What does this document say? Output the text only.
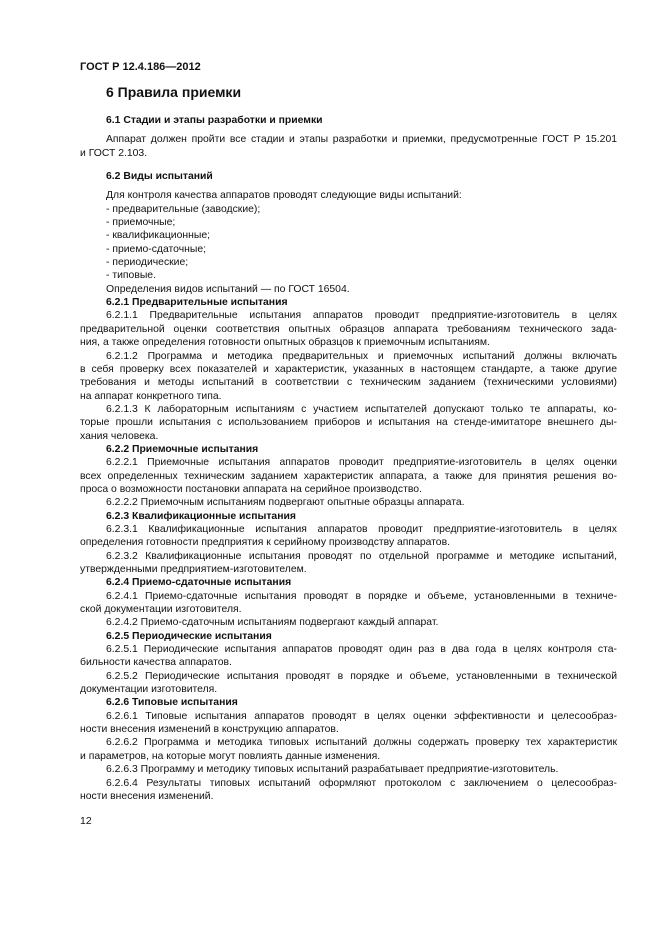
ГОСТ Р 12.4.186—2012
6 Правила приемки
6.1 Стадии и этапы разработки и приемки
Аппарат должен пройти все стадии и этапы разработки и приемки, предусмотренные ГОСТ Р 15.201
и ГОСТ 2.103.
6.2 Виды испытаний
Для контроля качества аппаратов проводят следующие виды испытаний:
- предварительные (заводские);
- приемочные;
- квалификационные;
- приемо-сдаточные;
- периодические;
- типовые.
Определения видов испытаний — по ГОСТ 16504.
6.2.1 Предварительные испытания
6.2.1.1 Предварительные испытания аппаратов проводит предприятие-изготовитель в целях
предварительной оценки соответствия опытных образцов аппарата требованиям технического зада-
ния, а также определения готовности опытных образцов к приемочным испытаниям.
6.2.1.2 Программа и методика предварительных и приемочных испытаний должны включать
в себя проверку всех показателей и характеристик, указанных в настоящем стандарте, а также другие
требования и методы испытаний в соответствии с техническим заданием (техническими условиями)
на аппарат конкретного типа.
6.2.1.3 К лабораторным испытаниям с участием испытателей допускают только те аппараты, ко-
торые прошли испытания с использованием приборов и испытания на стенде-имитаторе внешнего ды-
хания человека.
6.2.2 Приемочные испытания
6.2.2.1 Приемочные испытания аппаратов проводит предприятие-изготовитель в целях оценки
всех определенных техническим заданием характеристик аппарата, а также для принятия решения во-
проса о возможности постановки аппарата на серийное производство.
6.2.2.2 Приемочным испытаниям подвергают опытные образцы аппарата.
6.2.3 Квалификационные испытания
6.2.3.1 Квалификационные испытания аппаратов проводит предприятие-изготовитель в целях
определения готовности предприятия к серийному производству аппаратов.
6.2.3.2 Квалификационные испытания проводят по отдельной программе и методике испытаний,
утвержденными предприятием-изготовителем.
6.2.4 Приемо-сдаточные испытания
6.2.4.1 Приемо-сдаточные испытания проводят в порядке и объеме, установленными в техниче-
ской документации изготовителя.
6.2.4.2 Приемо-сдаточным испытаниям подвергают каждый аппарат.
6.2.5 Периодические испытания
6.2.5.1 Периодические испытания аппаратов проводят один раз в два года в целях контроля ста-
бильности качества аппаратов.
6.2.5.2 Периодические испытания проводят в порядке и объеме, установленными в технической
документации изготовителя.
6.2.6 Типовые испытания
6.2.6.1 Типовые испытания аппаратов проводят в целях оценки эффективности и целесообраз-
ности внесения изменений в конструкцию аппаратов.
6.2.6.2 Программа и методика типовых испытаний должны содержать проверку тех характеристик
и параметров, на которые могут повлиять данные изменения.
6.2.6.3 Программу и методику типовых испытаний разрабатывает предприятие-изготовитель.
6.2.6.4 Результаты типовых испытаний оформляют протоколом с заключением о целесообраз-
ности внесения изменений.
12
